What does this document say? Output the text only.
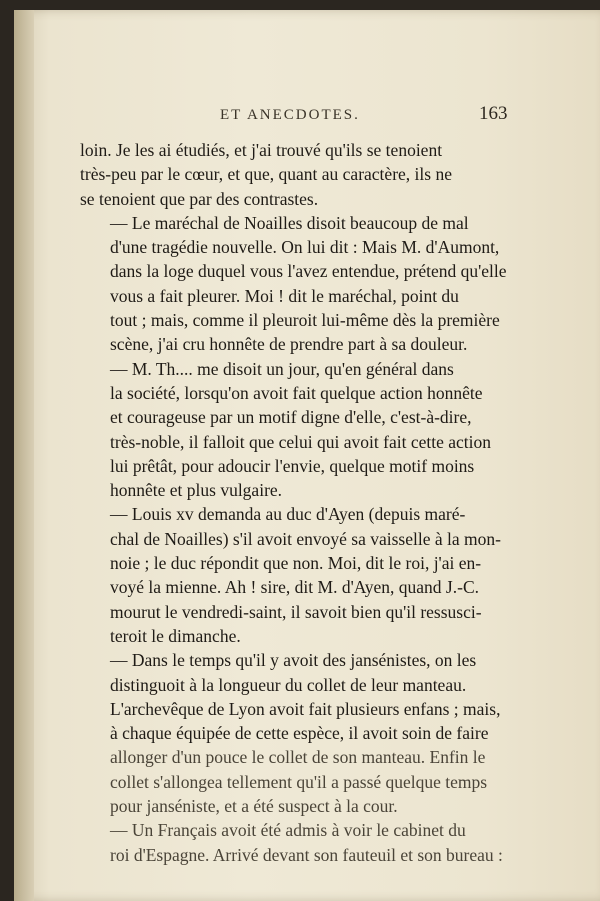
ET ANECDOTES.	163

loin. Je les ai étudiés, et j'ai trouvé qu'ils se tenoient
très-peu par le cœur, et que, quant au caractère, ils ne
se tenoient que par des contrastes.

— Le maréchal de Noailles disoit beaucoup de mal
d'une tragédie nouvelle. On lui dit : Mais M. d'Aumont,
dans la loge duquel vous l'avez entendue, prétend qu'elle
vous a fait pleurer. Moi ! dit le maréchal, point du
tout ; mais, comme il pleuroit lui-même dès la première
scène, j'ai cru honnête de prendre part à sa douleur.

— M. Th.... me disoit un jour, qu'en général dans
la société, lorsqu'on avoit fait quelque action honnête
et courageuse par un motif digne d'elle, c'est-à-dire,
très-noble, il falloit que celui qui avoit fait cette action
lui prêtât, pour adoucir l'envie, quelque motif moins
honnête et plus vulgaire.

— Louis xv demanda au duc d'Ayen (depuis maré-
chal de Noailles) s'il avoit envoyé sa vaisselle à la mon-
noie ; le duc répondit que non. Moi, dit le roi, j'ai en-
voyé la mienne. Ah ! sire, dit M. d'Ayen, quand J.-C.
mourut le vendredi-saint, il savoit bien qu'il ressusci-
teroit le dimanche.

— Dans le temps qu'il y avoit des jansénistes, on les
distinguoit à la longueur du collet de leur manteau.
L'archevêque de Lyon avoit fait plusieurs enfans ; mais,
à chaque équipée de cette espèce, il avoit soin de faire
allonger d'un pouce le collet de son manteau. Enfin le
collet s'allongea tellement qu'il a passé quelque temps
pour janséniste, et a été suspect à la cour.

— Un Français avoit été admis à voir le cabinet du
roi d'Espagne. Arrivé devant son fauteuil et son bureau :
